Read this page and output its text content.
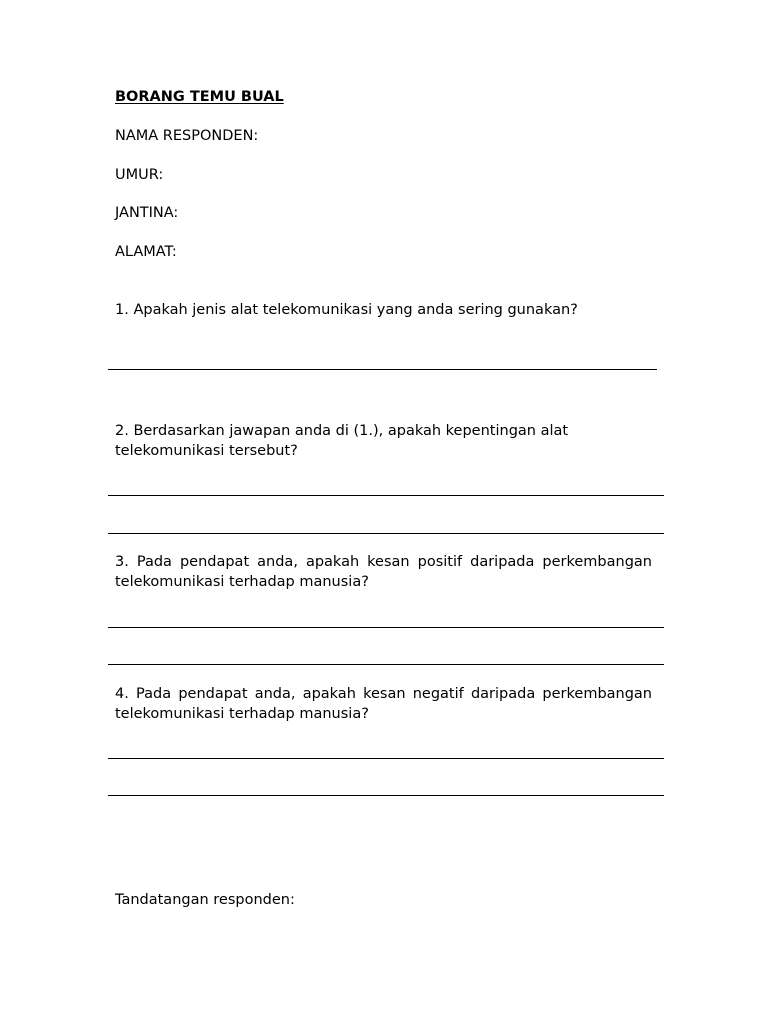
BORANG TEMU BUAL
NAMA RESPONDEN:
UMUR:
JANTINA:
ALAMAT:
1. Apakah jenis alat telekomunikasi yang anda sering gunakan?
2. Berdasarkan jawapan anda di (1.), apakah kepentingan alat
telekomunikasi tersebut?
3. Pada pendapat anda, apakah kesan positif daripada perkembangan
telekomunikasi terhadap manusia?
4. Pada pendapat anda, apakah kesan negatif daripada perkembangan
telekomunikasi terhadap manusia?
Tandatangan responden:
